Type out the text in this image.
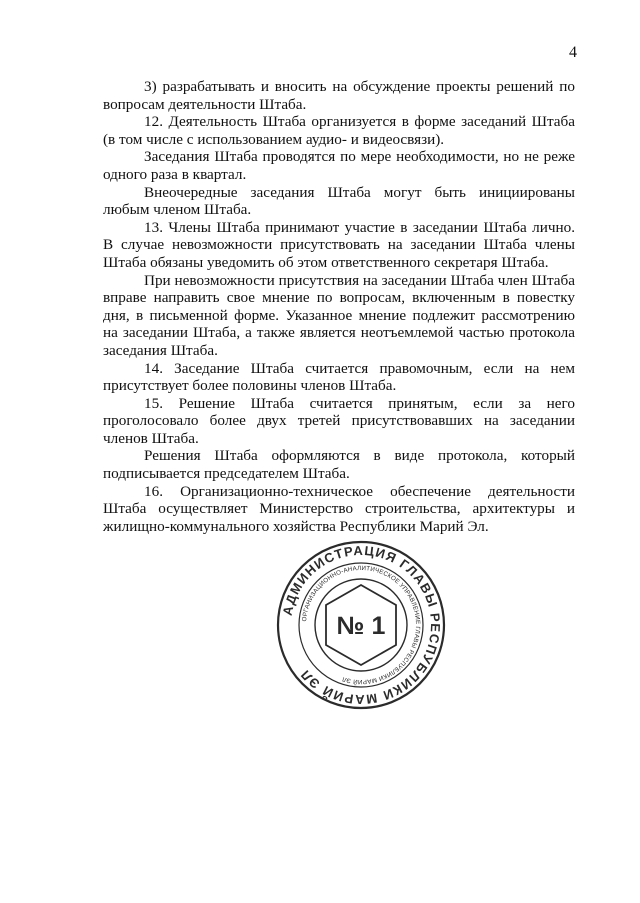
4

3) разрабатывать и вносить на обсуждение проекты решений по вопросам деятельности Штаба.

12. Деятельность Штаба организуется в форме заседаний Штаба (в том числе с использованием аудио- и видеосвязи).

Заседания Штаба проводятся по мере необходимости, но не реже одного раза в квартал.

Внеочередные заседания Штаба могут быть инициированы любым членом Штаба.

13. Члены Штаба принимают участие в заседании Штаба лично. В случае невозможности присутствовать на заседании Штаба члены Штаба обязаны уведомить об этом ответственного секретаря Штаба.

При невозможности присутствия на заседании Штаба член Штаба вправе направить свое мнение по вопросам, включенным в повестку дня, в письменной форме. Указанное мнение подлежит рассмотрению на заседании Штаба, а также является неотъемлемой частью протокола заседания Штаба.

14. Заседание Штаба считается правомочным, если на нем присутствует более половины членов Штаба.

15. Решение Штаба считается принятым, если за него проголосовало более двух третей присутствовавших на заседании членов Штаба.

Решения Штаба оформляются в виде протокола, который подписывается председателем Штаба.

16. Организационно-техническое обеспечение деятельности Штаба осуществляет Министерство строительства, архитектуры и жилищно-коммунального хозяйства Республики Марий Эл.

АДМИНИСТРАЦИЯ ГЛАВЫ РЕСПУБЛИКИ МАРИЙ ЭЛ
ОРГАНИЗАЦИОННО-АНАЛИТИЧЕСКОЕ УПРАВЛЕНИЕ ГЛАВЫ РЕСПУБЛИКИ МАРИЙ ЭЛ
№ 1
